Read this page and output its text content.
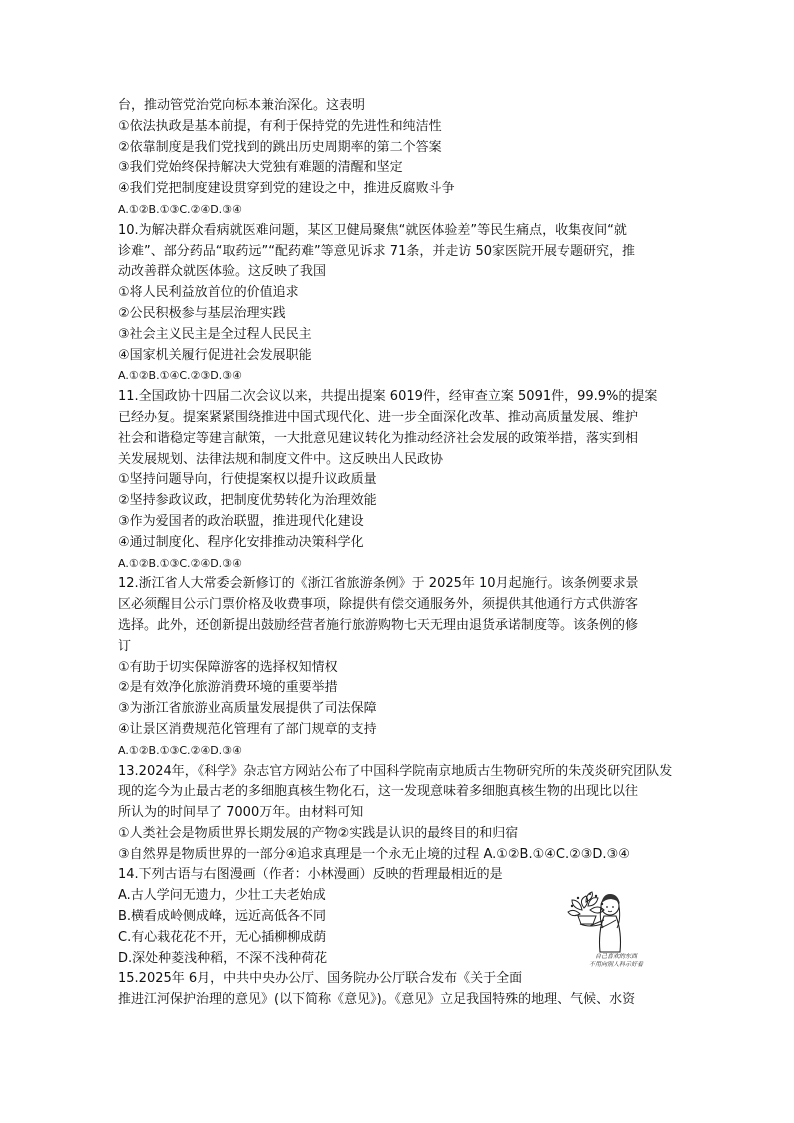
台，推动管党治党向标本兼治深化。这表明
①依法执政是基本前提，有利于保持党的先进性和纯洁性
②依靠制度是我们党找到的跳出历史周期率的第二个答案
③我们党始终保持解决大党独有难题的清醒和坚定
④我们党把制度建设贯穿到党的建设之中，推进反腐败斗争
A.①②B.①③C.②④D.③④
10.为解决群众看病就医难问题，某区卫健局聚焦“就医体验差”等民生痛点，收集夜间“就
诊难”、部分药品“取药远”“配药难”等意见诉求 71条，并走访 50家医院开展专题研究，推
动改善群众就医体验。这反映了我国
①将人民利益放首位的价值追求
②公民积极参与基层治理实践
③社会主义民主是全过程人民民主
④国家机关履行促进社会发展职能
A.①②B.①④C.②③D.③④
11.全国政协十四届二次会议以来，共提出提案 6019件，经审查立案 5091件，99.9%的提案
已经办复。提案紧紧围绕推进中国式现代化、进一步全面深化改革、推动高质量发展、维护
社会和谐稳定等建言献策，一大批意见建议转化为推动经济社会发展的政策举措，落实到相
关发展规划、法律法规和制度文件中。这反映出人民政协
①坚持问题导向，行使提案权以提升议政质量
②坚持参政议政，把制度优势转化为治理效能
③作为爱国者的政治联盟，推进现代化建设
④通过制度化、程序化安排推动决策科学化
A.①②B.①③C.②④D.③④
12.浙江省人大常委会新修订的《浙江省旅游条例》于 2025年 10月起施行。该条例要求景
区必须醒目公示门票价格及收费事项，除提供有偿交通服务外，须提供其他通行方式供游客
选择。此外，还创新提出鼓励经营者施行旅游购物七天无理由退货承诺制度等。该条例的修
订
①有助于切实保障游客的选择权知情权
②是有效净化旅游消费环境的重要举措
③为浙江省旅游业高质量发展提供了司法保障
④让景区消费规范化管理有了部门规章的支持
A.①②B.①③C.②④D.③④
13.2024年，《科学》杂志官方网站公布了中国科学院南京地质古生物研究所的朱茂炎研究团队发
现的迄今为止最古老的多细胞真核生物化石，这一发现意味着多细胞真核生物的出现比以往
所认为的时间早了 7000万年。由材料可知
①人类社会是物质世界长期发展的产物②实践是认识的最终目的和归宿
③自然界是物质世界的一部分④追求真理是一个永无止境的过程 A.①②B.①④C.②③D.③④
14.下列古语与右图漫画（作者：小林漫画）反映的哲理最相近的是
A.古人学问无遗力，少壮工夫老始成
B.横看成岭侧成峰，远近高低各不同
C.有心栽花花不开，无心插柳柳成荫
D.深处种菱浅种稻，不深不浅种荷花
15.2025年 6月，中共中央办公厅、国务院办公厅联合发布《关于全面
推进江河保护治理的意见》(以下简称《意见》)。《意见》立足我国特殊的地理、气候、水资
自己喜欢的东西
不用向别人科示好看
